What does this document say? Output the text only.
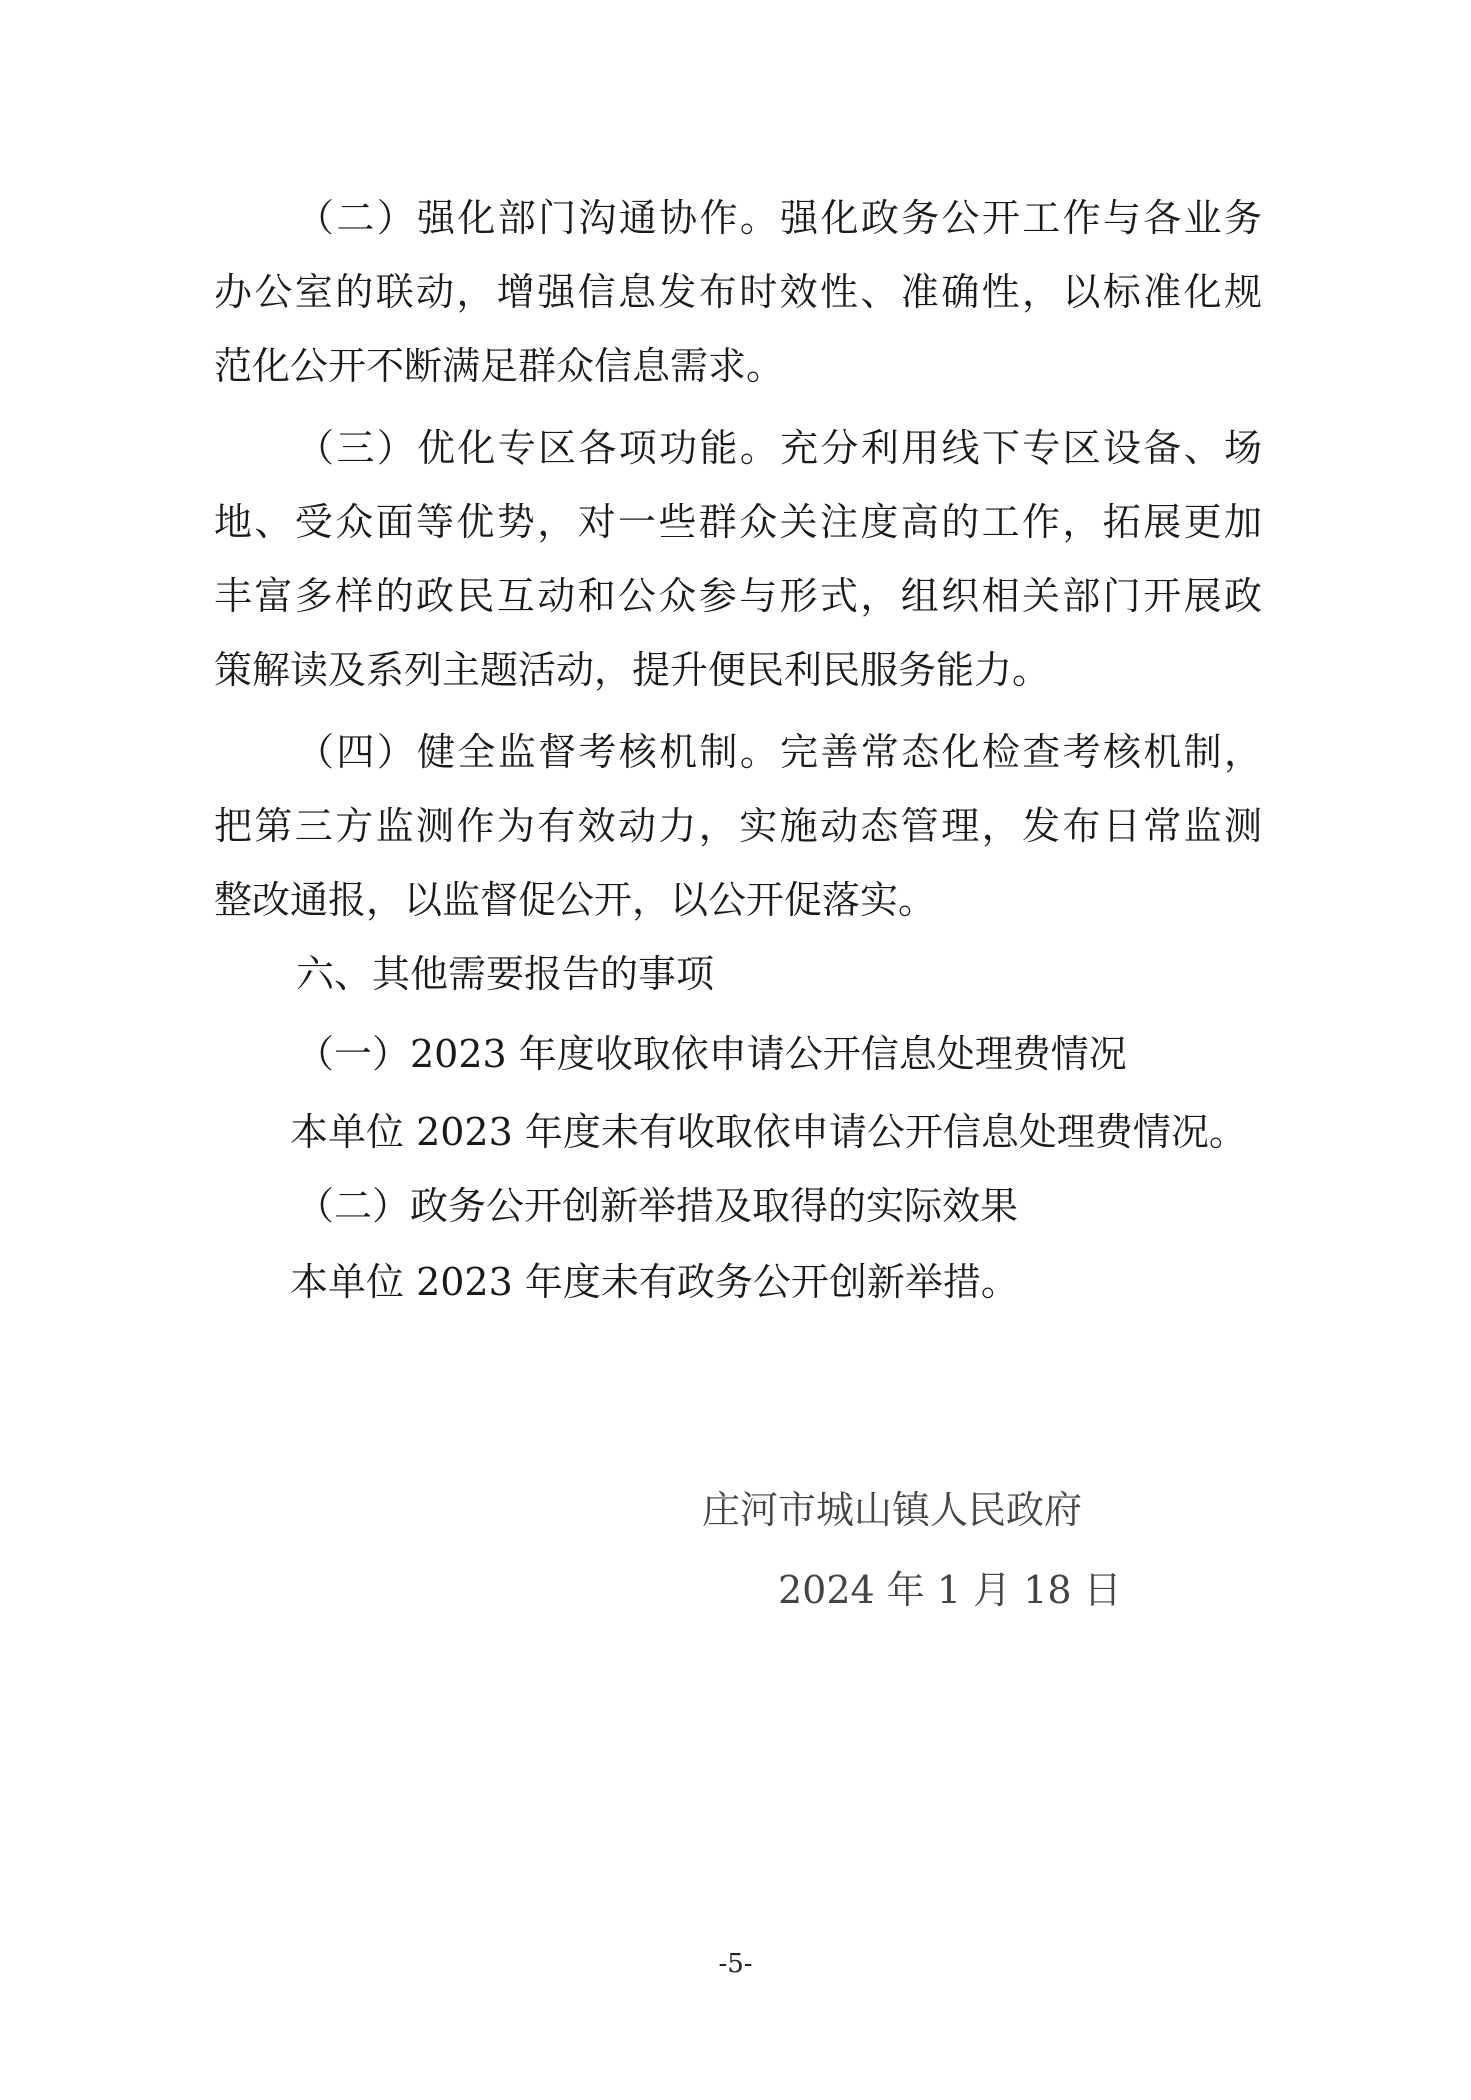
（二）强化部门沟通协作。强化政务公开工作与各业务
办公室的联动，增强信息发布时效性、准确性，以标准化规
范化公开不断满足群众信息需求。
（三）优化专区各项功能。充分利用线下专区设备、场
地、受众面等优势，对一些群众关注度高的工作，拓展更加
丰富多样的政民互动和公众参与形式，组织相关部门开展政
策解读及系列主题活动，提升便民利民服务能力。
（四）健全监督考核机制。完善常态化检查考核机制，
把第三方监测作为有效动力，实施动态管理，发布日常监测
整改通报，以监督促公开，以公开促落实。
六、其他需要报告的事项
（一）2023 年度收取依申请公开信息处理费情况
本单位 2023 年度未有收取依申请公开信息处理费情况。
（二）政务公开创新举措及取得的实际效果
本单位 2023 年度未有政务公开创新举措。
庄河市城山镇人民政府
2024 年 1 月 18 日
-5-
